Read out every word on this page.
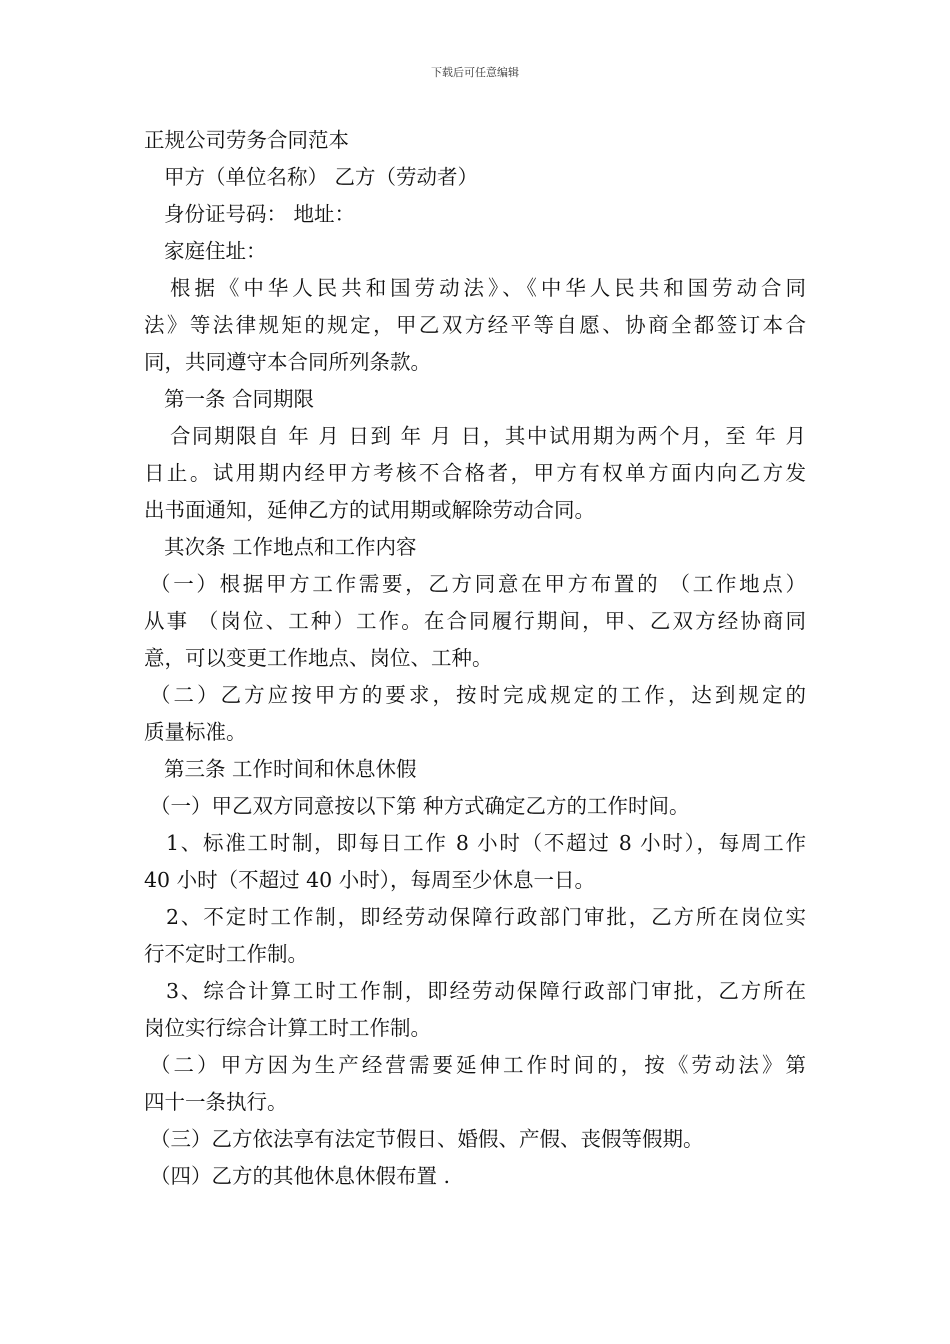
下载后可任意编辑
正规公司劳务合同范本
甲方（单位名称） 乙方（劳动者）
身份证号码： 地址：
家庭住址：
根据《中华人民共和国劳动法》、《中华人民共和国劳动合同
法》等法律规矩的规定，甲乙双方经平等自愿、协商全都签订本合
同，共同遵守本合同所列条款。
第一条 合同期限
合同期限自 年 月 日到 年 月 日，其中试用期为两个月，至 年 月
日止。试用期内经甲方考核不合格者，甲方有权单方面内向乙方发
出书面通知，延伸乙方的试用期或解除劳动合同。
其次条 工作地点和工作内容
（一）根据甲方工作需要，乙方同意在甲方布置的 （工作地点）
从事 （岗位、工种）工作。在合同履行期间，甲、乙双方经协商同
意，可以变更工作地点、岗位、工种。
（二）乙方应按甲方的要求，按时完成规定的工作，达到规定的
质量标准。
第三条 工作时间和休息休假
（一）甲乙双方同意按以下第 种方式确定乙方的工作时间。
1、标准工时制，即每日工作 8 小时（不超过 8 小时），每周工作
40 小时（不超过 40 小时），每周至少休息一日。
2、不定时工作制，即经劳动保障行政部门审批，乙方所在岗位实
行不定时工作制。
3、综合计算工时工作制，即经劳动保障行政部门审批，乙方所在
岗位实行综合计算工时工作制。
（二）甲方因为生产经营需要延伸工作时间的，按《劳动法》第
四十一条执行。
（三）乙方依法享有法定节假日、婚假、产假、丧假等假期。
（四）乙方的其他休息休假布置 .
